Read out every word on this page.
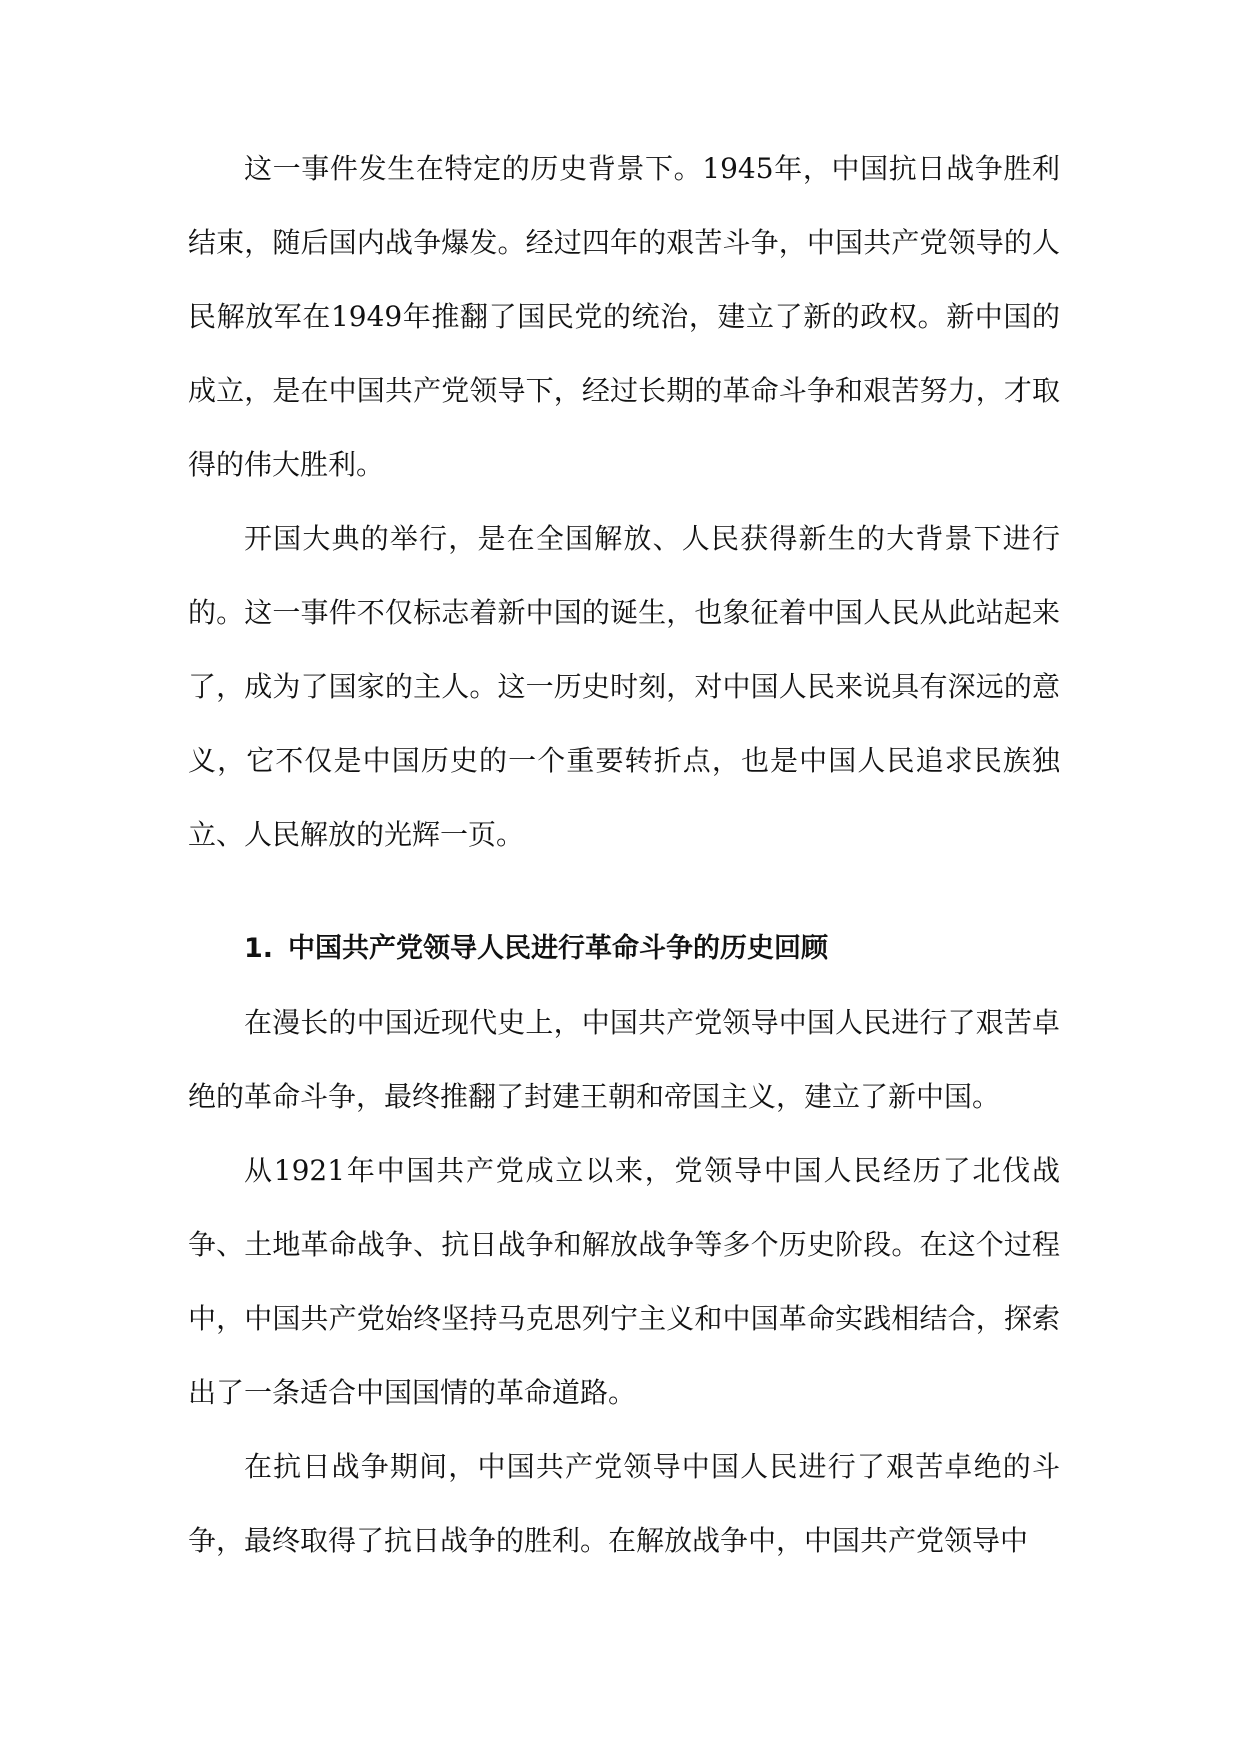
这一事件发生在特定的历史背景下。1945年，中国抗日战争胜利结束，随后国内战争爆发。经过四年的艰苦斗争，中国共产党领导的人民解放军在1949年推翻了国民党的统治，建立了新的政权。新中国的成立，是在中国共产党领导下，经过长期的革命斗争和艰苦努力，才取得的伟大胜利。

开国大典的举行，是在全国解放、人民获得新生的大背景下进行的。这一事件不仅标志着新中国的诞生，也象征着中国人民从此站起来了，成为了国家的主人。这一历史时刻，对中国人民来说具有深远的意义，它不仅是中国历史的一个重要转折点，也是中国人民追求民族独立、人民解放的光辉一页。

1. 中国共产党领导人民进行革命斗争的历史回顾

在漫长的中国近现代史上，中国共产党领导中国人民进行了艰苦卓绝的革命斗争，最终推翻了封建王朝和帝国主义，建立了新中国。

从1921年中国共产党成立以来，党领导中国人民经历了北伐战争、土地革命战争、抗日战争和解放战争等多个历史阶段。在这个过程中，中国共产党始终坚持马克思列宁主义和中国革命实践相结合，探索出了一条适合中国国情的革命道路。

在抗日战争期间，中国共产党领导中国人民进行了艰苦卓绝的斗争，最终取得了抗日战争的胜利。在解放战争中，中国共产党领导中
